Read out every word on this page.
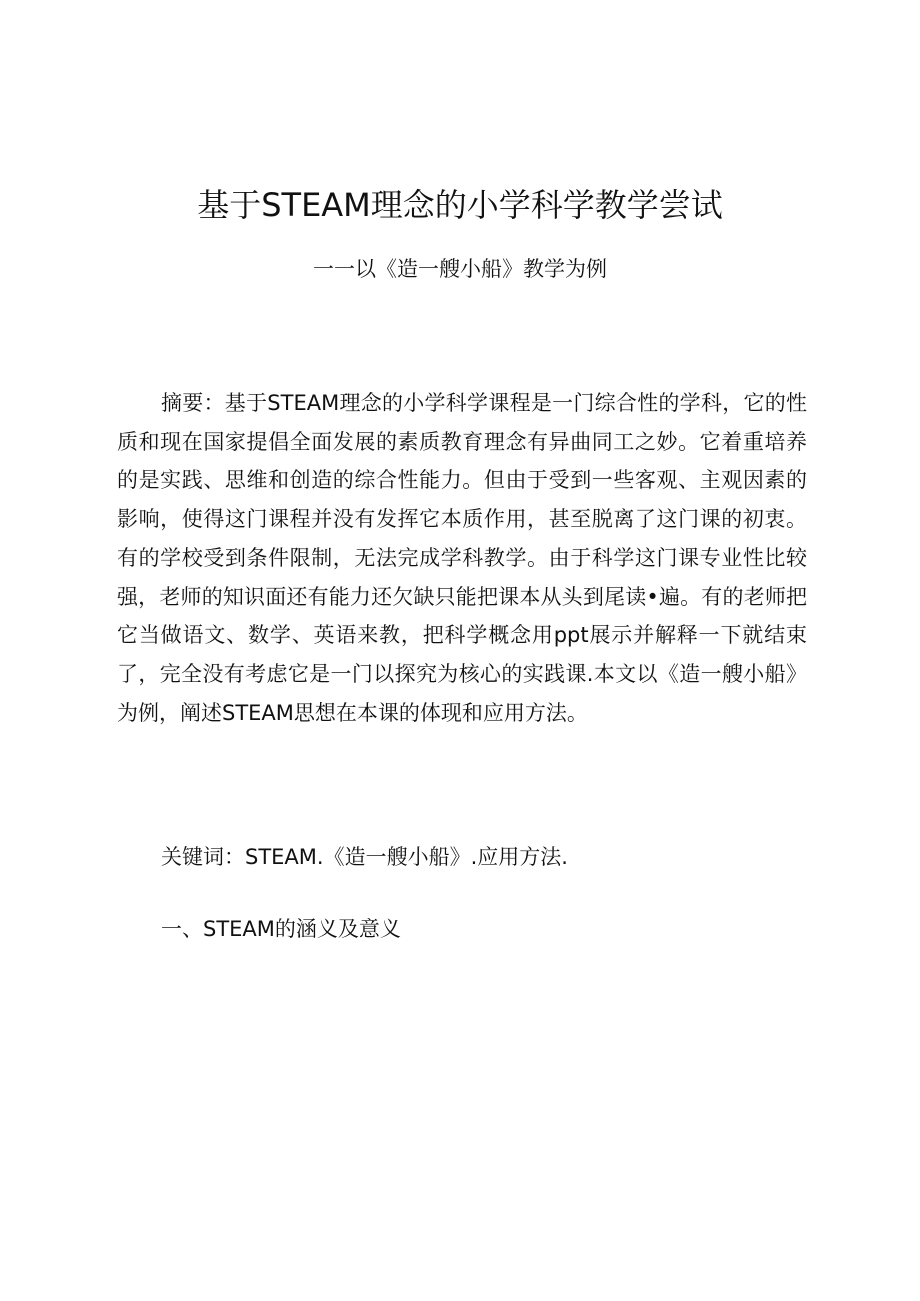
基于STEAM理念的小学科学教学尝试
一一以《造一艘小船》教学为例

摘要：基于STEAM理念的小学科学课程是一门综合性的学科，它的性质和现在国家提倡全面发展的素质教育理念有异曲同工之妙。它着重培养的是实践、思维和创造的综合性能力。但由于受到一些客观、主观因素的影响，使得这门课程并没有发挥它本质作用，甚至脱离了这门课的初衷。有的学校受到条件限制，无法完成学科教学。由于科学这门课专业性比较强，老师的知识面还有能力还欠缺只能把课本从头到尾读•遍。有的老师把它当做语文、数学、英语来教，把科学概念用ppt展示并解释一下就结束了，完全没有考虑它是一门以探究为核心的实践课.本文以《造一艘小船》为例，阐述STEAM思想在本课的体现和应用方法。

关键词：STEAM.《造一艘小船》.应用方法.

一、STEAM的涵义及意义
